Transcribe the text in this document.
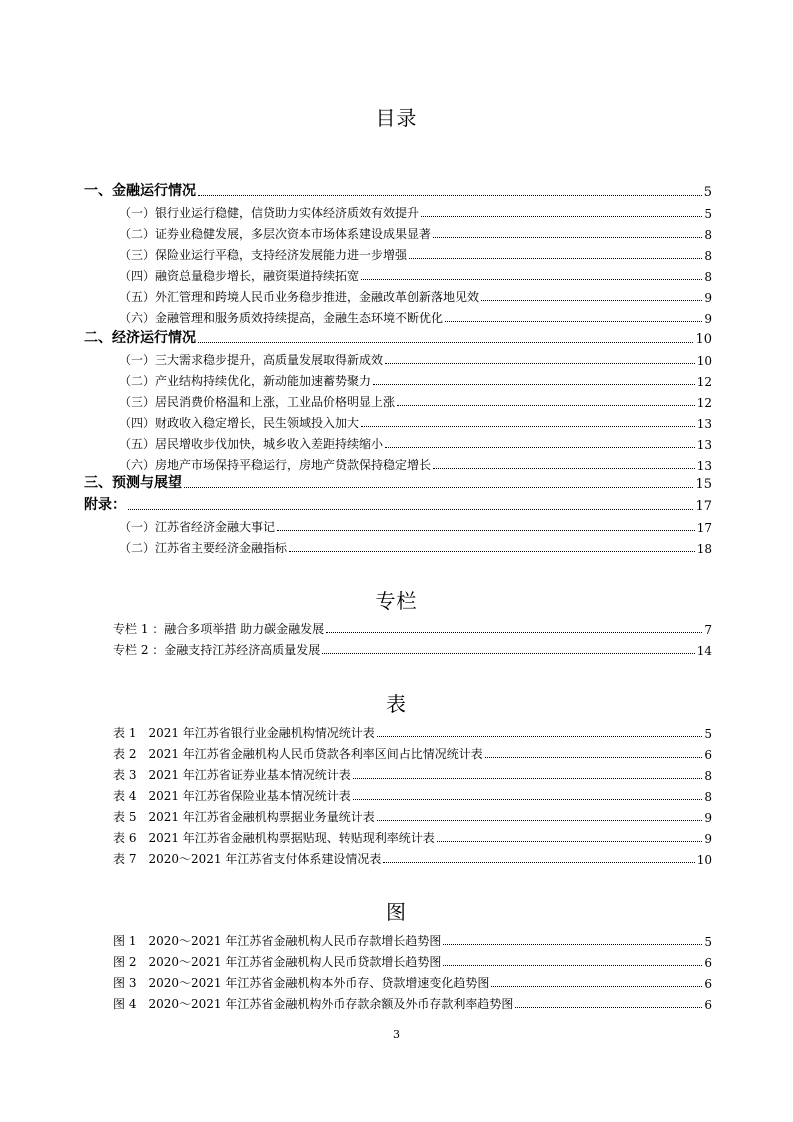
目录
一、金融运行情况	5
（一）银行业运行稳健，信贷助力实体经济质效有效提升	5
（二）证券业稳健发展，多层次资本市场体系建设成果显著	8
（三）保险业运行平稳，支持经济发展能力进一步增强	8
（四）融资总量稳步增长，融资渠道持续拓宽	8
（五）外汇管理和跨境人民币业务稳步推进，金融改革创新落地见效	9
（六）金融管理和服务质效持续提高，金融生态环境不断优化	9
二、经济运行情况	10
（一）三大需求稳步提升，高质量发展取得新成效	10
（二）产业结构持续优化，新动能加速蓄势聚力	12
（三）居民消费价格温和上涨，工业品价格明显上涨	12
（四）财政收入稳定增长，民生领域投入加大	13
（五）居民增收步伐加快，城乡收入差距持续缩小	13
（六）房地产市场保持平稳运行，房地产贷款保持稳定增长	13
三、预测与展望	15
附录：	17
（一）江苏省经济金融大事记	17
（二）江苏省主要经济金融指标	18
专栏
专栏 1 ：融合多项举措 助力碳金融发展	7
专栏 2 ：金融支持江苏经济高质量发展	14
表
表 1　2021 年江苏省银行业金融机构情况统计表	5
表 2　2021 年江苏省金融机构人民币贷款各利率区间占比情况统计表	6
表 3　2021 年江苏省证券业基本情况统计表	8
表 4　2021 年江苏省保险业基本情况统计表	8
表 5　2021 年江苏省金融机构票据业务量统计表	9
表 6　2021 年江苏省金融机构票据贴现、转贴现利率统计表	9
表 7　2020～2021 年江苏省支付体系建设情况表	10
图
图 1　2020～2021 年江苏省金融机构人民币存款增长趋势图	5
图 2　2020～2021 年江苏省金融机构人民币贷款增长趋势图	6
图 3　2020～2021 年江苏省金融机构本外币存、贷款增速变化趋势图	6
图 4　2020～2021 年江苏省金融机构外币存款余额及外币存款利率趋势图	6
3
